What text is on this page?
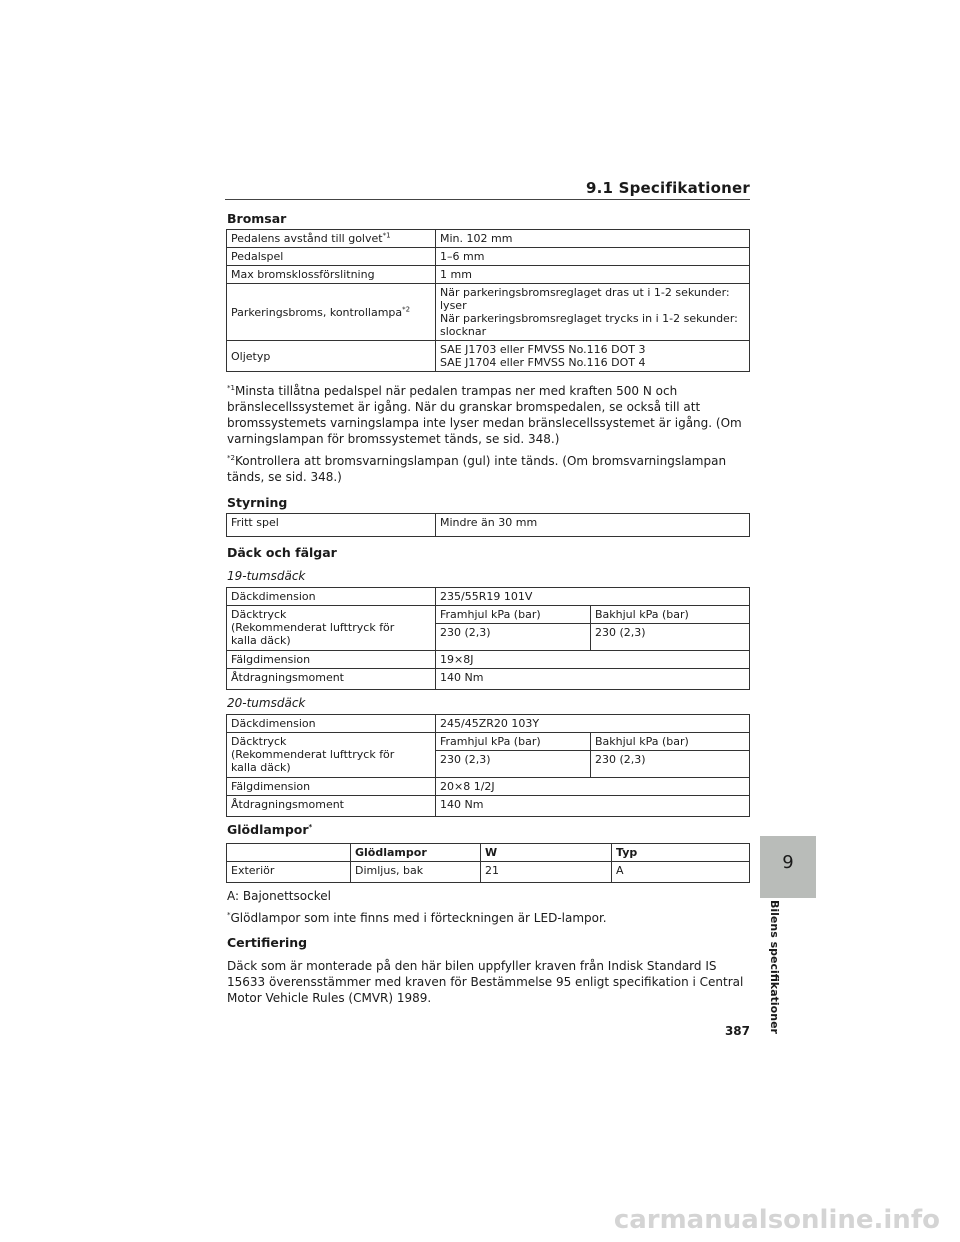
9.1 Specifikationer
Bromsar
Pedalens avstånd till golvet$^{*1}$	Min. 102 mm
Pedalspel	1–6 mm
Max bromsklossförslitning	1 mm
Parkeringsbroms, kontrollampa$^{*2}$	När parkeringsbromsreglaget dras ut i 1-2 sekunder:
lyser
När parkeringsbromsreglaget trycks in i 1-2 sekunder:
slocknar

Oljetyp	SAE J1703 eller FMVSS No.116 DOT 3
SAE J1704 eller FMVSS No.116 DOT 4
$^{*1}$Minsta tillåtna pedalspel när pedalen trampas ner med kraften 500 N och bränslecellssystemet är igång. När du granskar bromspedalen, se också till att bromssystemets varningslampa inte lyser medan bränslecellssystemet är igång. (Om varningslampan för bromssystemet tänds, se sid. 348.)
$^{*2}$Kontrollera att bromsvarningslampan (gul) inte tänds. (Om bromsvarningslampan tänds, se sid. 348.)
Styrning
Fritt spel	Mindre än 30 mm
Däck och fälgar
19-tumsdäck
Däckdimension	235/55R19 101V	

Däcktryck
(Rekommenderat lufttryck för
kalla däck)	Framhjul kPa (bar)	Bakhjul kPa (bar)
	230 (2,3)	230 (2,3)
Fälgdimension	19×8J	
Åtdragningsmoment	140 Nm	
20-tumsdäck
Däckdimension	245/45ZR20 103Y	

Däcktryck
(Rekommenderat lufttryck för
kalla däck)	Framhjul kPa (bar)	Bakhjul kPa (bar)
	230 (2,3)	230 (2,3)
Fälgdimension	20×8 1/2J	
Åtdragningsmoment	140 Nm	
Glödlampor*
	Glödlampor	W	Typ
Exteriör	Dimljus, bak	21	A
A: Bajonettsockel
*Glödlampor som inte finns med i förteckningen är LED-lampor.
Certifiering
Däck som är monterade på den här bilen uppfyller kraven från Indisk Standard IS 15633 överensstämmer med kraven för Bestämmelse 95 enligt specifikation i Central Motor Vehicle Rules (CMVR) 1989.
9
Bilens specifikationer
387
carmanualsonline.info
